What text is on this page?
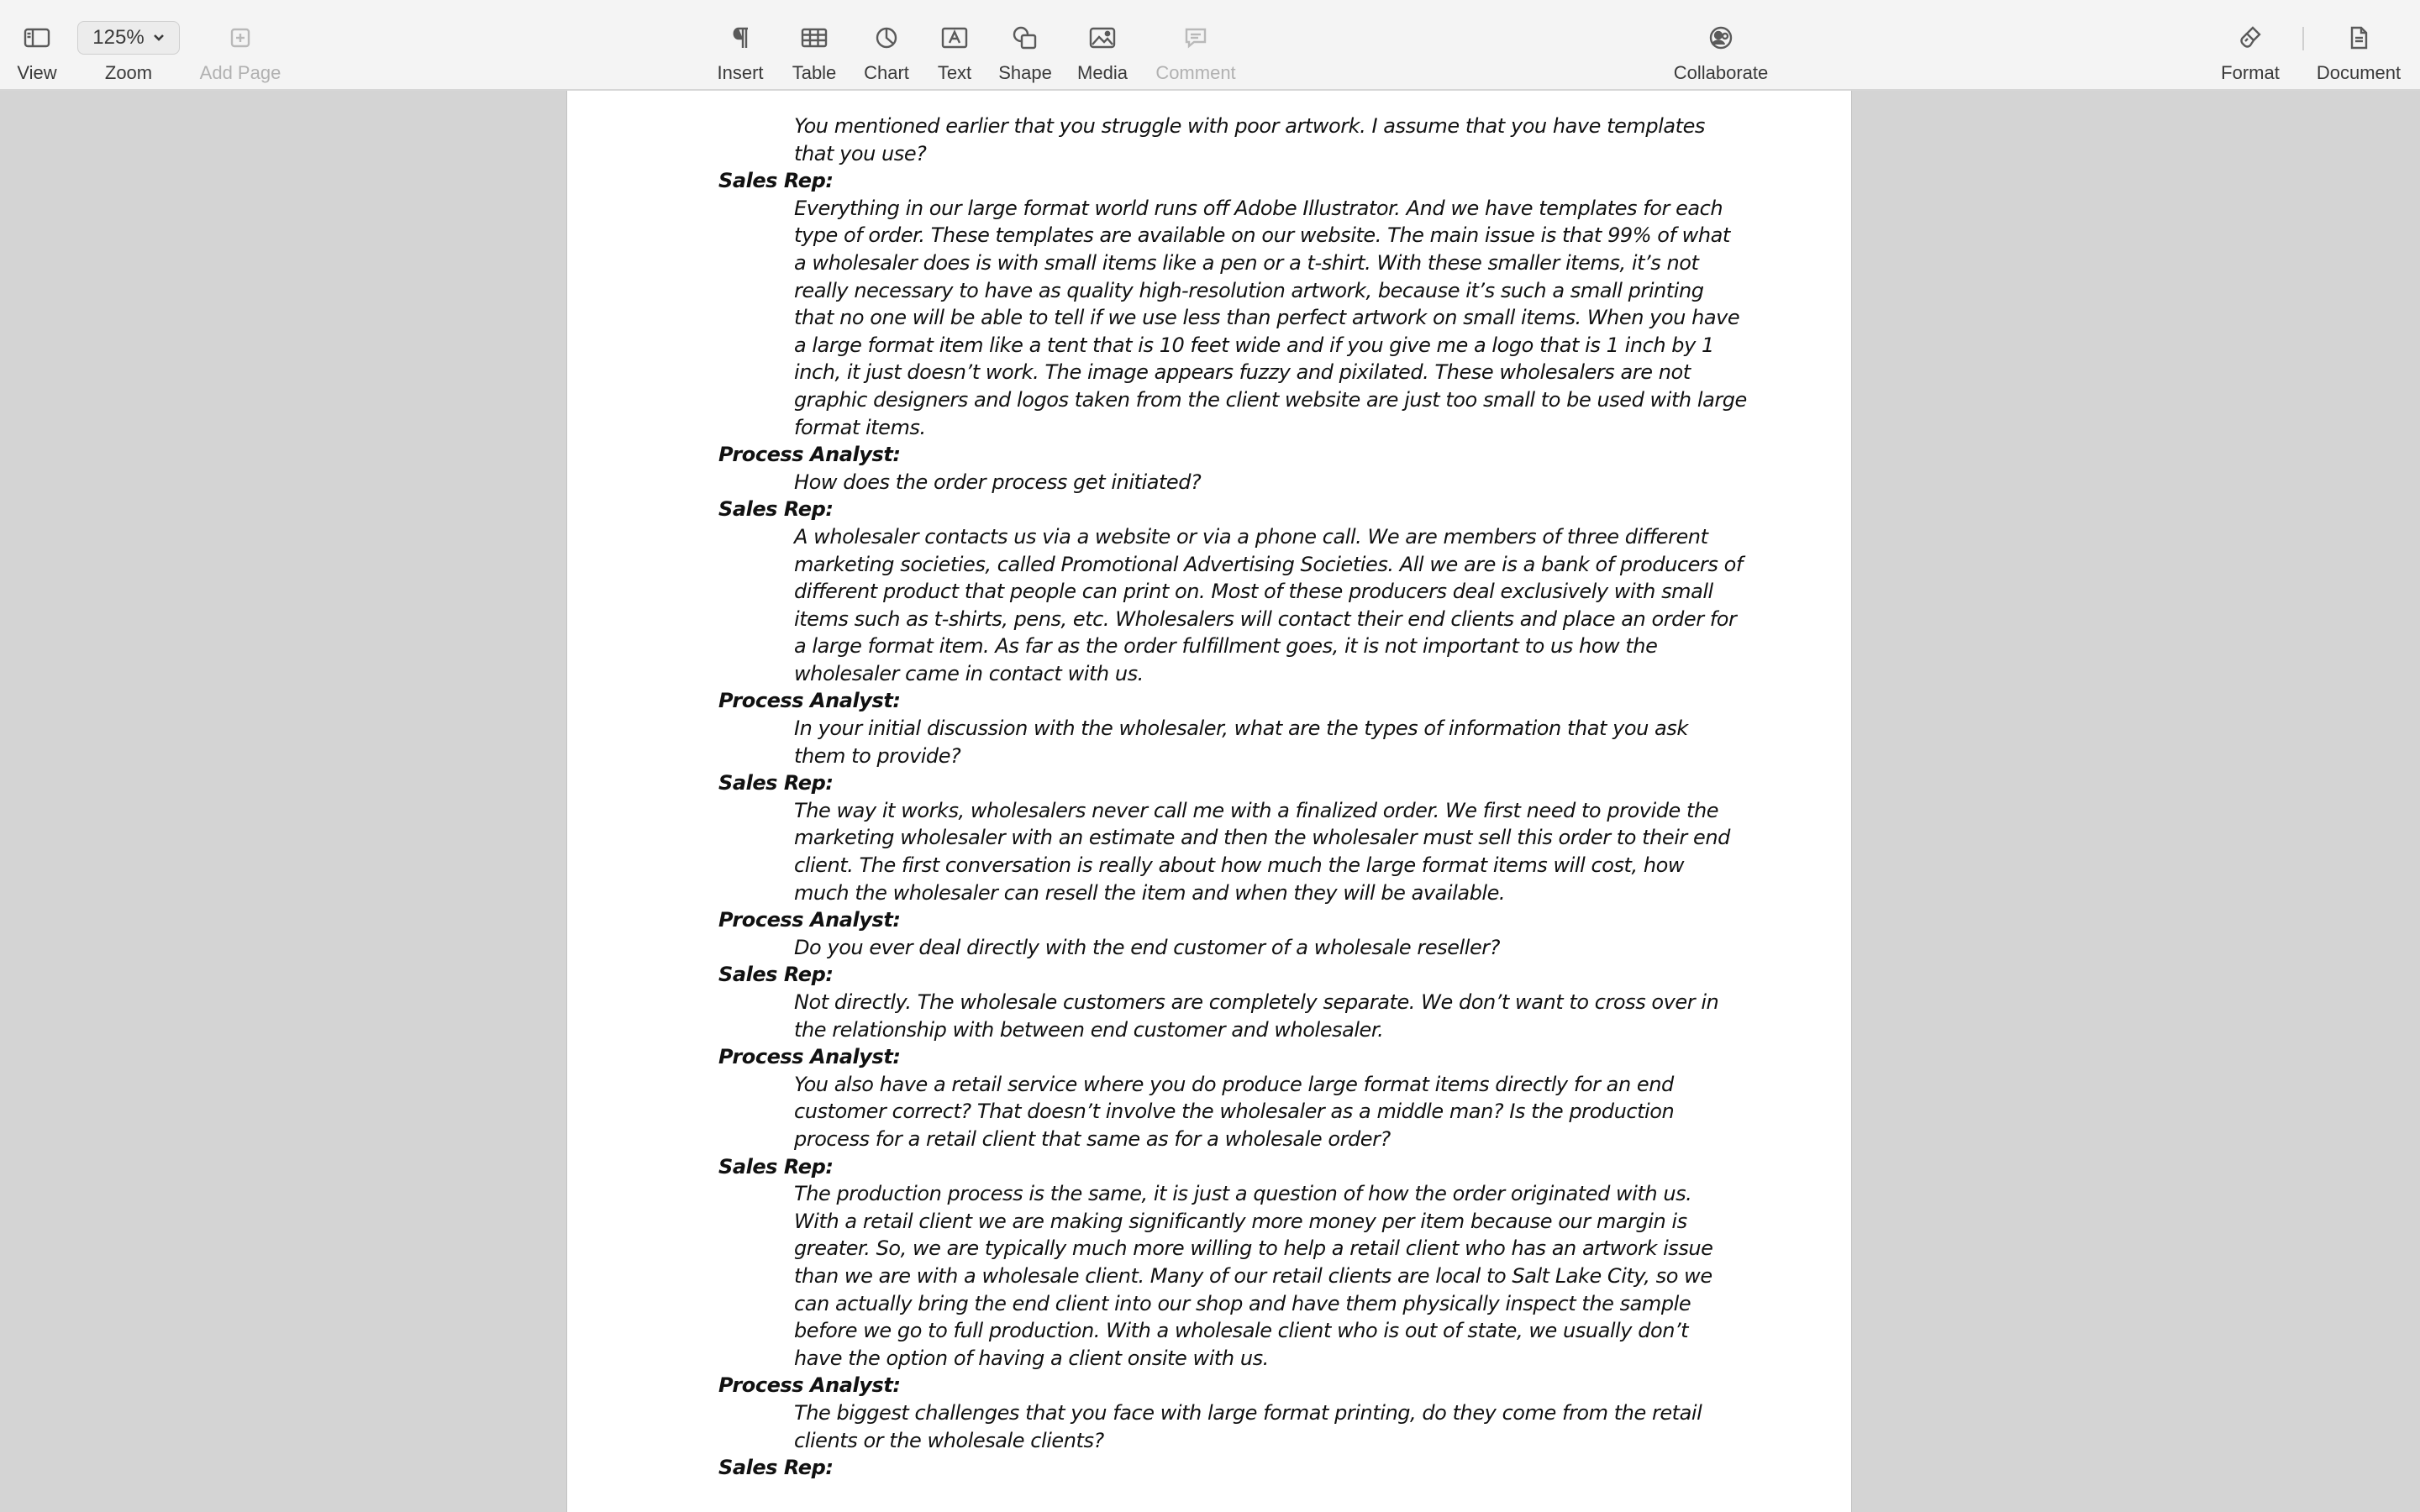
View
125%
Zoom	Add Page	Insert Table Chart Text Shape Media Comment	Collaborate	Format Document
You mentioned earlier that you struggle with poor artwork. I assume that you have templates
that you use?

Sales Rep:

Everything in our large format world runs off Adobe Illustrator. And we have templates for each
type of order. These templates are available on our website. The main issue is that 99% of what
a wholesaler does is with small items like a pen or a t-shirt. With these smaller items, it’s not
really necessary to have as quality high-resolution artwork, because it’s such a small printing
that no one will be able to tell if we use less than perfect artwork on small items. When you have
a large format item like a tent that is 10 feet wide and if you give me a logo that is 1 inch by 1
inch, it just doesn’t work. The image appears fuzzy and pixilated. These wholesalers are not
graphic designers and logos taken from the client website are just too small to be used with large
format items.

Process Analyst:

How does the order process get initiated?

Sales Rep:

A wholesaler contacts us via a website or via a phone call. We are members of three different
marketing societies, called Promotional Advertising Societies. All we are is a bank of producers of
different product that people can print on. Most of these producers deal exclusively with small
items such as t-shirts, pens, etc. Wholesalers will contact their end clients and place an order for
a large format item. As far as the order fulfillment goes, it is not important to us how the
wholesaler came in contact with us.

Process Analyst:

In your initial discussion with the wholesaler, what are the types of information that you ask
them to provide?

Sales Rep:

The way it works, wholesalers never call me with a finalized order. We first need to provide the
marketing wholesaler with an estimate and then the wholesaler must sell this order to their end
client. The first conversation is really about how much the large format items will cost, how
much the wholesaler can resell the item and when they will be available.

Process Analyst:

Do you ever deal directly with the end customer of a wholesale reseller?

Sales Rep:

Not directly. The wholesale customers are completely separate. We don’t want to cross over in
the relationship with between end customer and wholesaler.

Process Analyst:

You also have a retail service where you do produce large format items directly for an end
customer correct? That doesn’t involve the wholesaler as a middle man? Is the production
process for a retail client that same as for a wholesale order?

Sales Rep:

The production process is the same, it is just a question of how the order originated with us.
With a retail client we are making significantly more money per item because our margin is
greater. So, we are typically much more willing to help a retail client who has an artwork issue
than we are with a wholesale client. Many of our retail clients are local to Salt Lake City, so we
can actually bring the end client into our shop and have them physically inspect the sample
before we go to full production. With a wholesale client who is out of state, we usually don’t
have the option of having a client onsite with us.

Process Analyst:

The biggest challenges that you face with large format printing, do they come from the retail
clients or the wholesale clients?

Sales Rep:
